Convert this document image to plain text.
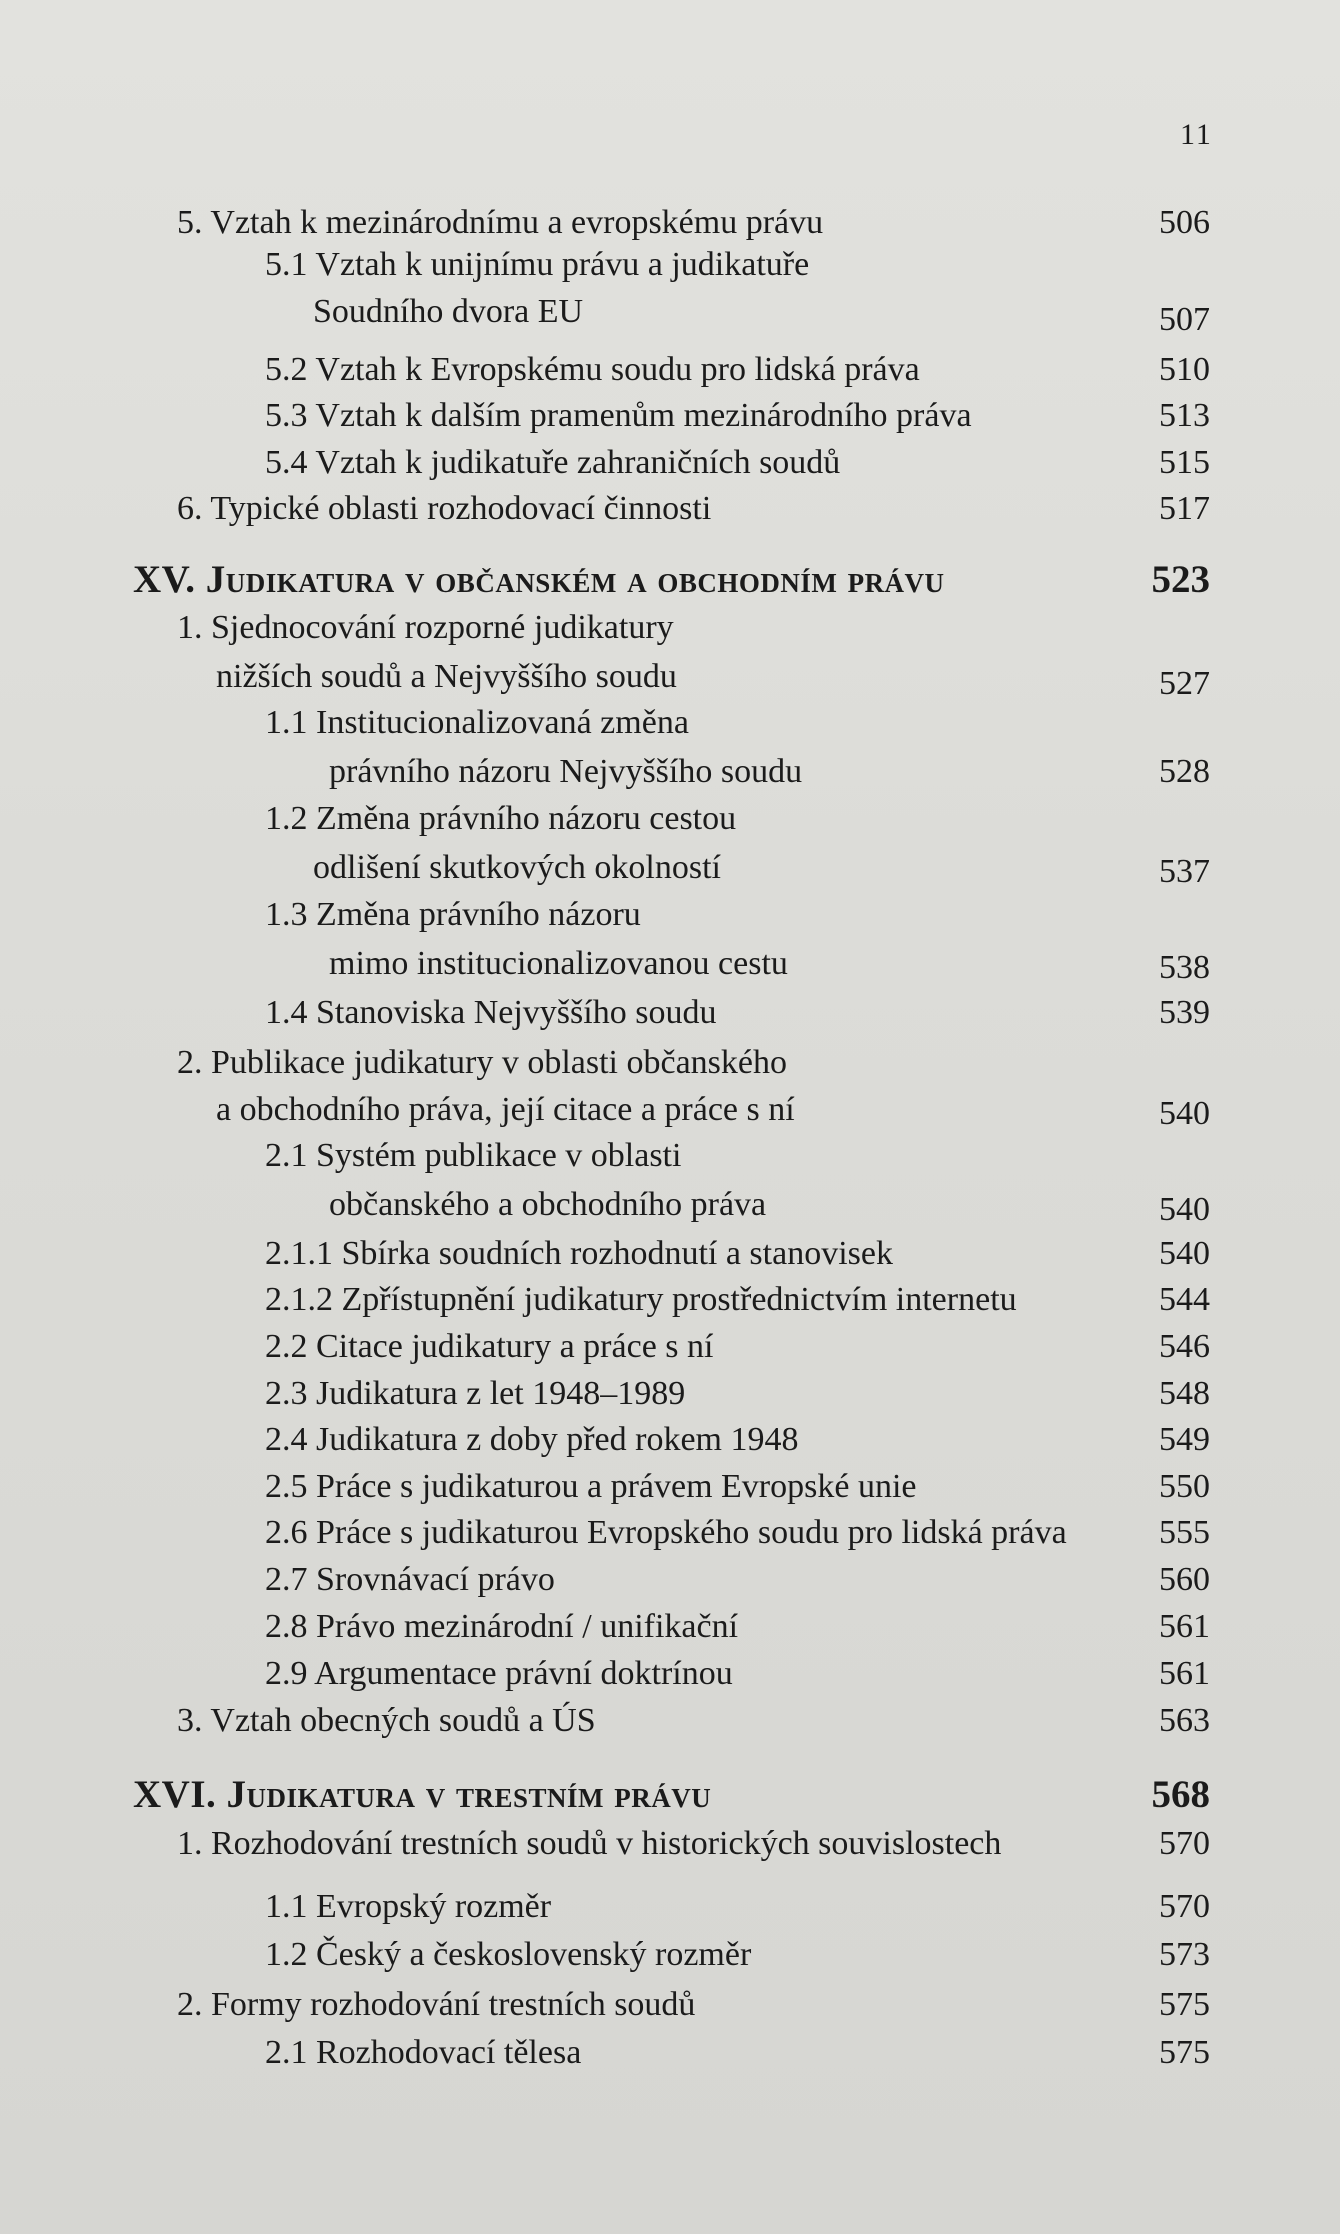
11
5. Vztah k mezinárodnímu a evropskému právu	506
5.1 Vztah k unijnímu právu a judikatuře
Soudního dvora EU	507
5.2 Vztah k Evropskému soudu pro lidská práva	510
5.3 Vztah k dalším pramenům mezinárodního práva	513
5.4 Vztah k judikatuře zahraničních soudů	515
6. Typické oblasti rozhodovací činnosti	517
XV. Judikatura v občanském a obchodním právu	523
1. Sjednocování rozporné judikatury
nižších soudů a Nejvyššího soudu	527
1.1 Institucionalizovaná změna
právního názoru Nejvyššího soudu	528
1.2 Změna právního názoru cestou
odlišení skutkových okolností	537
1.3 Změna právního názoru
mimo institucionalizovanou cestu	538
1.4 Stanoviska Nejvyššího soudu	539
2. Publikace judikatury v oblasti občanského
a obchodního práva, její citace a práce s ní	540
2.1 Systém publikace v oblasti
občanského a obchodního práva	540
2.1.1 Sbírka soudních rozhodnutí a stanovisek	540
2.1.2 Zpřístupnění judikatury prostřednictvím internetu	544
2.2 Citace judikatury a práce s ní	546
2.3 Judikatura z let 1948–1989	548
2.4 Judikatura z doby před rokem 1948	549
2.5 Práce s judikaturou a právem Evropské unie	550
2.6 Práce s judikaturou Evropského soudu pro lidská práva	555
2.7 Srovnávací právo	560
2.8 Právo mezinárodní / unifikační	561
2.9 Argumentace právní doktrínou	561
3. Vztah obecných soudů a ÚS	563
XVI. Judikatura v trestním právu	568
1. Rozhodování trestních soudů v historických souvislostech	570
1.1 Evropský rozměr	570
1.2 Český a československý rozměr	573
2. Formy rozhodování trestních soudů	575
2.1 Rozhodovací tělesa	575
